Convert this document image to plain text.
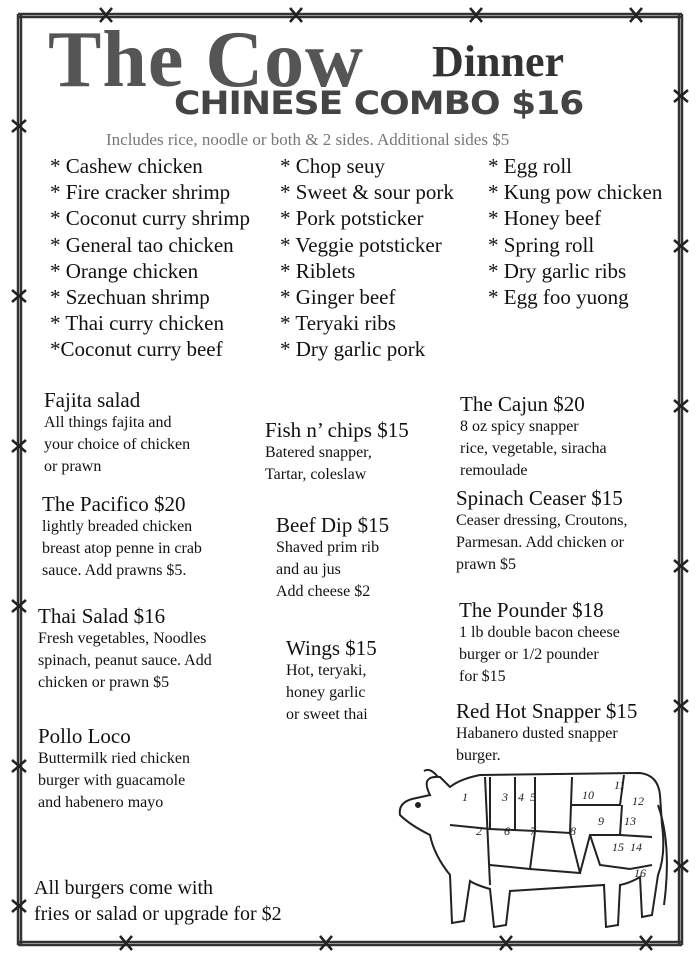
The Cow Dinner
CHINESE COMBO $16
Includes rice, noodle or both & 2 sides. Additional sides $5
* Cashew chicken
* Fire cracker shrimp
* Coconut curry shrimp
* General tao chicken
* Orange chicken
* Szechuan shrimp
* Thai curry chicken
*Coconut curry beef
* Chop seuy
* Sweet & sour pork
* Pork potsticker
* Veggie potsticker
* Riblets
* Ginger beef
* Teryaki ribs
* Dry garlic pork
* Egg roll
* Kung pow chicken
* Honey beef
* Spring roll
* Dry garlic ribs
* Egg foo yuong
Fajita salad
All things fajita and
your choice of chicken
or prawn
The Pacifico $20
lightly breaded chicken
breast atop penne in crab
sauce. Add prawns $5.
Thai Salad $16
Fresh vegetables, Noodles
spinach, peanut sauce. Add
chicken or prawn $5
Pollo Loco
Buttermilk ried chicken
burger with guacamole
and habenero mayo
Fish n’ chips $15
Batered snapper,
Tartar, coleslaw
Beef Dip $15
Shaved prim rib
and au jus
Add cheese $2
Wings $15
Hot, teryaki,
honey garlic
or sweet thai
The Cajun $20
8 oz spicy snapper
rice, vegetable, siracha
remoulade
Spinach Ceaser $15
Ceaser dressing, Croutons,
Parmesan. Add chicken or
prawn $5
The Pounder $18
1 lb double bacon cheese
burger or 1/2 pounder
for $15
Red Hot Snapper $15
Habanero dusted snapper
burger.
1
2
3 4 5
6 7	8
9
10
11
12
13
14
15
16
All burgers come with
fries or salad or upgrade for $2
